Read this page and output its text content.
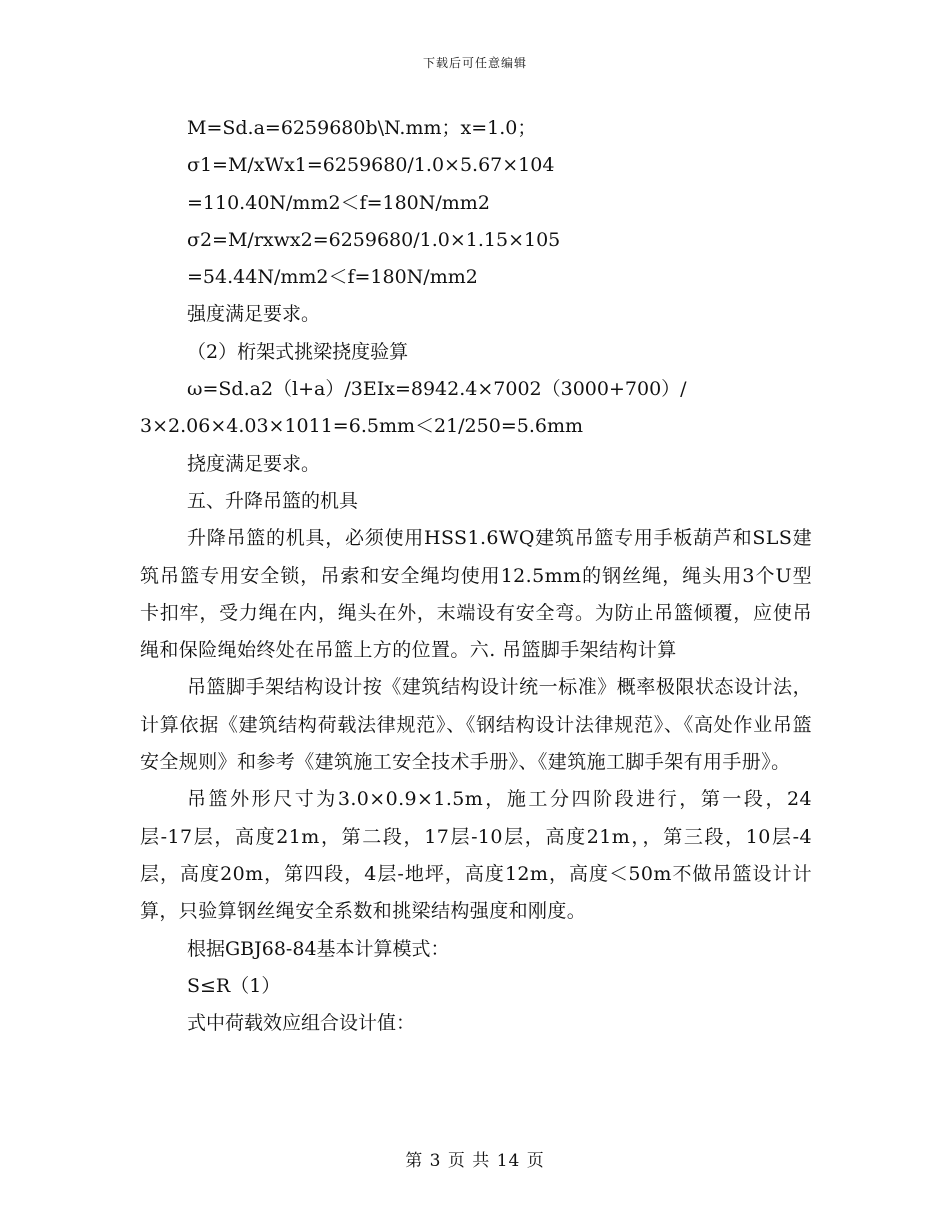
下载后可任意编辑

M=Sd.a=6259680b\N.mm；x=1.0；

σ1=M/xWx1=6259680/1.0×5.67×104

=110.40N/mm2＜f=180N/mm2

σ2=M/rxwx2=6259680/1.0×1.15×105

=54.44N/mm2＜f=180N/mm2

强度满足要求。

（2）桁架式挑梁挠度验算

ω=Sd.a2（l+a）/3EIx=8942.4×7002（3000+700）/

3×2.06×4.03×1011=6.5mm＜21/250=5.6mm

挠度满足要求。

五、升降吊篮的机具

升降吊篮的机具，必须使用HSS1.6WQ建筑吊篮专用手板葫芦和SLS建筑吊篮专用安全锁，吊索和安全绳均使用12.5mm的钢丝绳，绳头用3个U型卡扣牢，受力绳在内，绳头在外，末端设有安全弯。为防止吊篮倾覆，应使吊绳和保险绳始终处在吊篮上方的位置。六. 吊篮脚手架结构计算

吊篮脚手架结构设计按《建筑结构设计统一标准》概率极限状态设计法，计算依据《建筑结构荷载法律规范》、《钢结构设计法律规范》、《高处作业吊篮安全规则》和参考《建筑施工安全技术手册》、《建筑施工脚手架有用手册》。

吊篮外形尺寸为3.0×0.9×1.5m，施工分四阶段进行，第一段，24层-17层，高度21m，第二段，17层-10层，高度21m，，第三段，10层-4层，高度20m，第四段，4层-地坪，高度12m，高度＜50m不做吊篮设计计算，只验算钢丝绳安全系数和挑梁结构强度和刚度。

根据GBJ68-84基本计算模式：

S≤R（1）

式中荷载效应组合设计值：

第 3 页 共 14 页
